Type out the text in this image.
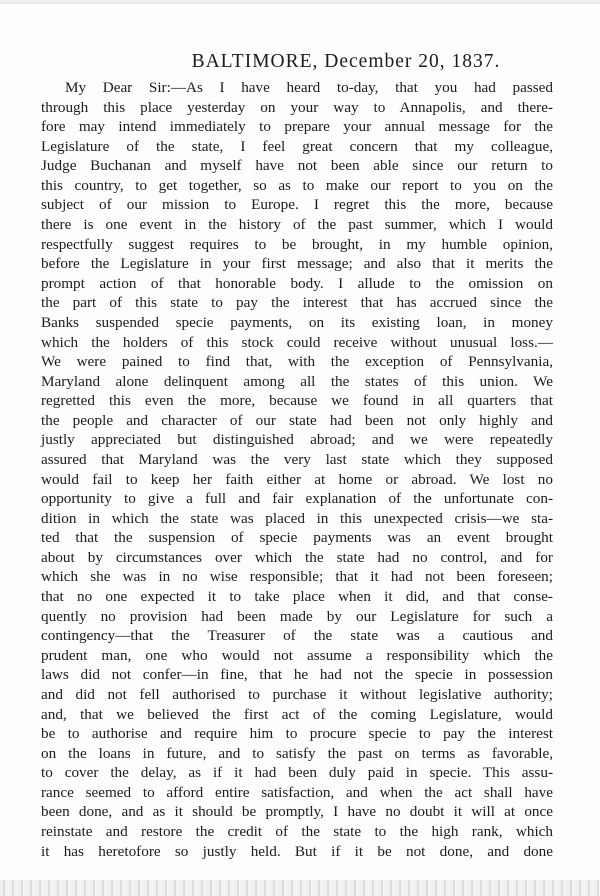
BALTIMORE, December 20, 1837.
My Dear Sir:—As I have heard to-day, that you had passed
through this place yesterday on your way to Annapolis, and there-
fore may intend immediately to prepare your annual message for the
Legislature of the state, I feel great concern that my colleague,
Judge Buchanan and myself have not been able since our return to
this country, to get together, so as to make our report to you on the
subject of our mission to Europe. I regret this the more, because
there is one event in the history of the past summer, which I would
respectfully suggest requires to be brought, in my humble opinion,
before the Legislature in your first message; and also that it merits the
prompt action of that honorable body. I allude to the omission on
the part of this state to pay the interest that has accrued since the
Banks suspended specie payments, on its existing loan, in money
which the holders of this stock could receive without unusual loss.—
We were pained to find that, with the exception of Pennsylvania,
Maryland alone delinquent among all the states of this union. We
regretted this even the more, because we found in all quarters that
the people and character of our state had been not only highly and
justly appreciated but distinguished abroad; and we were repeatedly
assured that Maryland was the very last state which they supposed
would fail to keep her faith either at home or abroad. We lost no
opportunity to give a full and fair explanation of the unfortunate con-
dition in which the state was placed in this unexpected crisis—we sta-
ted that the suspension of specie payments was an event brought
about by circumstances over which the state had no control, and for
which she was in no wise responsible; that it had not been foreseen;
that no one expected it to take place when it did, and that conse-
quently no provision had been made by our Legislature for such a
contingency—that the Treasurer of the state was a cautious and
prudent man, one who would not assume a responsibility which the
laws did not confer—in fine, that he had not the specie in possession
and did not fell authorised to purchase it without legislative authority;
and, that we believed the first act of the coming Legislature, would
be to authorise and require him to procure specie to pay the interest
on the loans in future, and to satisfy the past on terms as favorable,
to cover the delay, as if it had been duly paid in specie. This assu-
rance seemed to afford entire satisfaction, and when the act shall have
been done, and as it should be promptly, I have no doubt it will at once
reinstate and restore the credit of the state to the high rank, which
it has heretofore so justly held. But if it be not done, and done
